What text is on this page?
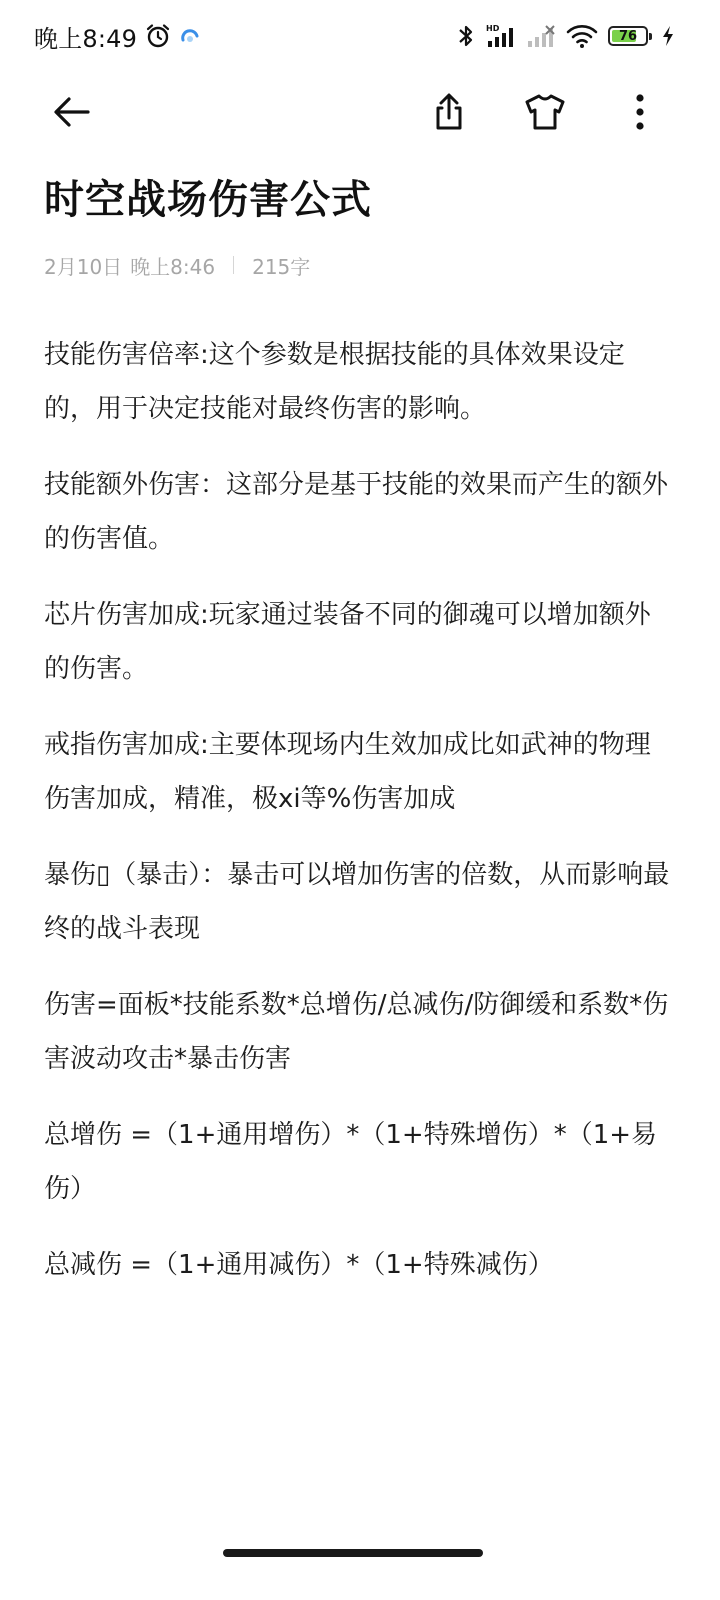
晚上8:49	HD	76
时空战场伤害公式
2月10日 晚上8:46 215字

技能伤害倍率:这个参数是根据技能的具体效果设定的，用于决定技能对最终伤害的影响。

技能额外伤害：这部分是基于技能的效果而产生的额外的伤害值。

芯片伤害加成:玩家通过装备不同的御魂可以增加额外的伤害。

戒指伤害加成:主要体现场内生效加成比如武神的物理伤害加成，精准，极xi等%伤害加成

暴伤▯（暴击）：暴击可以增加伤害的倍数，从而影响最终的战斗表现

伤害=面板*技能系数*总增伤/总减伤/防御缓和系数*伤害波动攻击*暴击伤害

总增伤 =（1+通用增伤）*（1+特殊增伤）*（1+易伤）

总减伤 =（1+通用减伤）*（1+特殊减伤）
